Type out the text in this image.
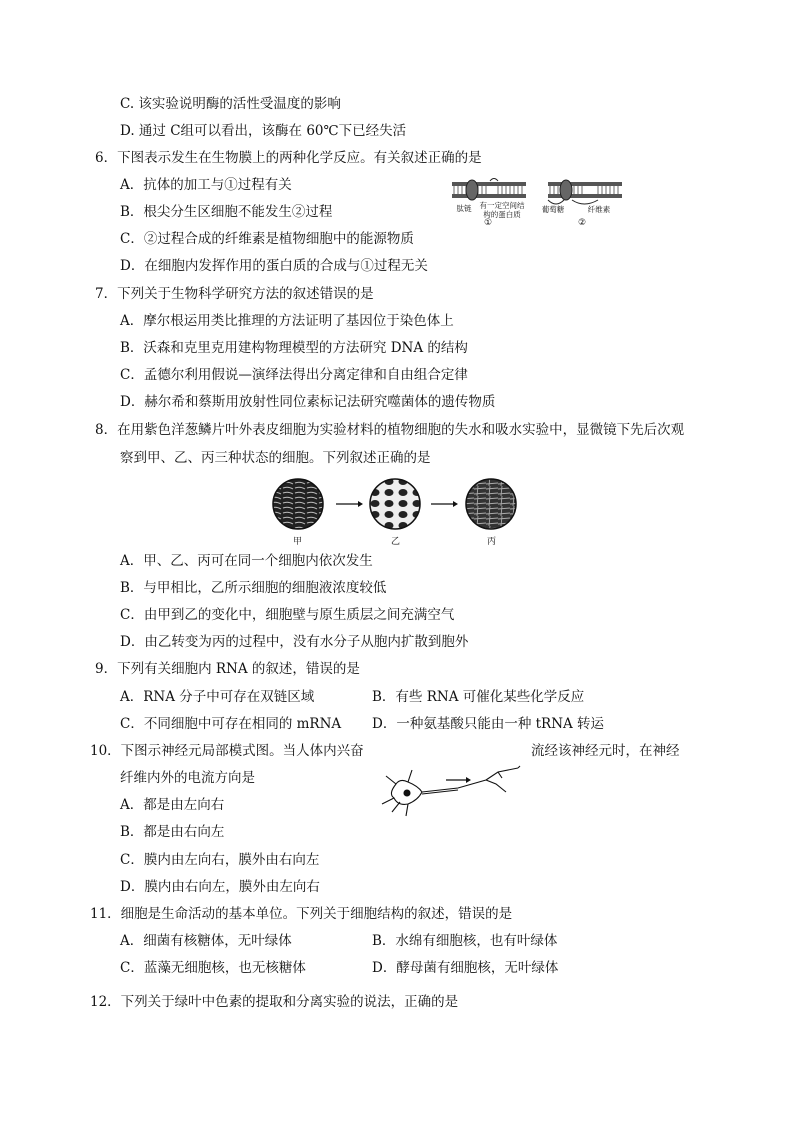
C. 该实验说明酶的活性受温度的影响
D. 通过 C组可以看出，该酶在 60℃下已经失活
6．下图表示发生在生物膜上的两种化学反应。有关叙述正确的是
A．抗体的加工与①过程有关
B．根尖分生区细胞不能发生②过程
C．②过程合成的纤维素是植物细胞中的能源物质
D．在细胞内发挥作用的蛋白质的合成与①过程无关
肽链	有一定空间结
构的蛋白质
①
葡萄糖	纤维素
②
7．下列关于生物科学研究方法的叙述错误的是
A．摩尔根运用类比推理的方法证明了基因位于染色体上
B．沃森和克里克用建构物理模型的方法研究 DNA 的结构
C．孟德尔利用假说—演绎法得出分离定律和自由组合定律
D．赫尔希和蔡斯用放射性同位素标记法研究噬菌体的遗传物质
8．在用紫色洋葱鳞片叶外表皮细胞为实验材料的植物细胞的失水和吸水实验中，显微镜下先后次观
察到甲、乙、丙三种状态的细胞。下列叙述正确的是
甲	乙	丙
A．甲、乙、丙可在同一个细胞内依次发生
B．与甲相比，乙所示细胞的细胞液浓度较低
C．由甲到乙的变化中，细胞壁与原生质层之间充满空气
D．由乙转变为丙的过程中，没有水分子从胞内扩散到胞外
9．下列有关细胞内 RNA 的叙述，错误的是
A．RNA 分子中可存在双链区域	B．有些 RNA 可催化某些化学反应
C．不同细胞中可存在相同的 mRNA D．一种氨基酸只能由一种 tRNA 转运
10．下图示神经元局部模式图。当人体内兴奋	流经该神经元时，在神经
纤维内外的电流方向是
A．都是由左向右
B．都是由右向左
C．膜内由左向右，膜外由右向左
D．膜内由右向左，膜外由左向右
11．细胞是生命活动的基本单位。下列关于细胞结构的叙述，错误的是
A．细菌有核糖体，无叶绿体	B．水绵有细胞核，也有叶绿体
C．蓝藻无细胞核，也无核糖体	D．酵母菌有细胞核，无叶绿体
12．下列关于绿叶中色素的提取和分离实验的说法，正确的是
